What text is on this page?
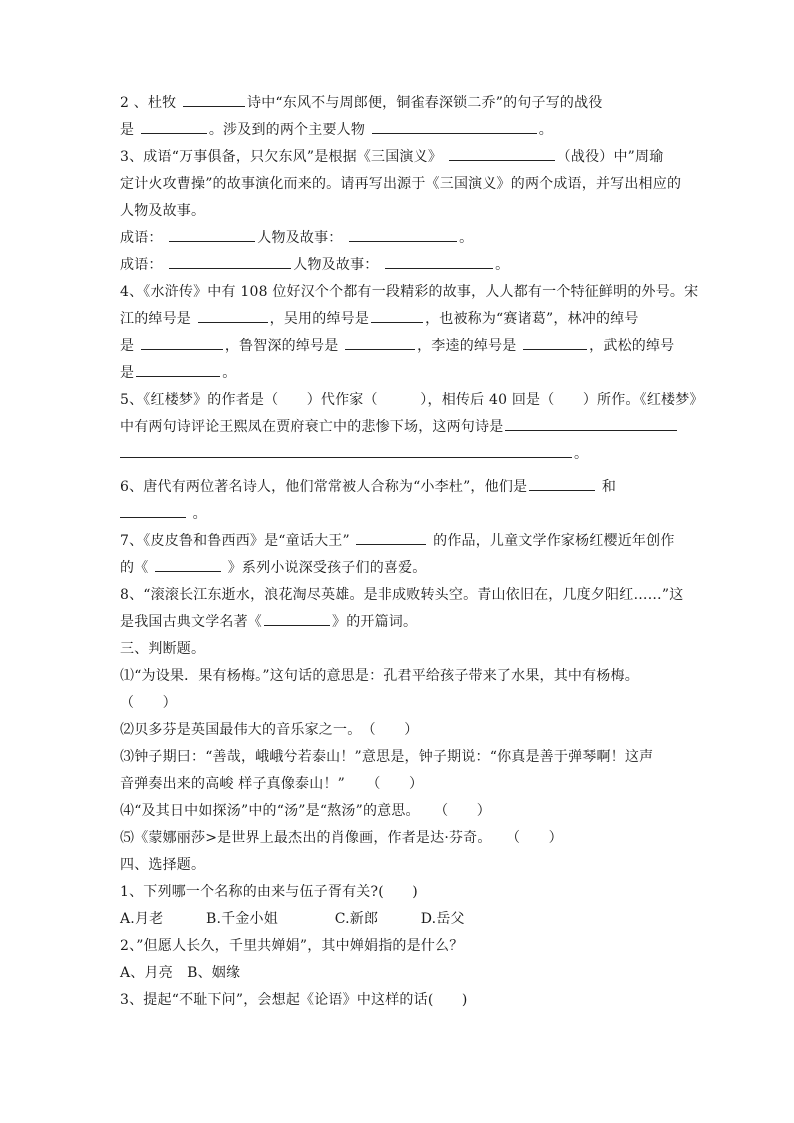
2 、杜牧	诗中“东风不与周郎便，铜雀春深锁二乔”的句子写的战役
是	。涉及到的两个主要人物	。
3、成语“万事俱备，只欠东风”是根据《三国演义》	（战役）中”周瑜
定计火攻曹操”的故事演化而来的。请再写出源于《三国演义》的两个成语，并写出相应的
人物及故事。
成语：	人物及故事：	。
成语：	人物及故事：	。
4、《水浒传》中有 108 位好汉个个都有一段精彩的故事，人人都有一个特征鲜明的外号。宋
江的绰号是	，吴用的绰号是	，也被称为“赛诸葛”，林冲的绰号
是	，鲁智深的绰号是	，李逵的绰号是	，武松的绰号
是	。
5、《红楼梦》的作者是（　　）代作家（　　　），相传后 40 回是（　　）所作。《红楼梦》
中有两句诗评论王熙凤在贾府衰亡中的悲惨下场，这两句诗是
。
6、唐代有两位著名诗人，他们常常被人合称为“小李杜”，他们是	和
。
7、《皮皮鲁和鲁西西》是“童话大王”	的作品，儿童文学作家杨红樱近年创作
的《	》系列小说深受孩子们的喜爱。
8、“滚滚长江东逝水，浪花淘尽英雄。是非成败转头空。青山依旧在，几度夕阳红……”这
是我国古典文学名著《	》的开篇词。
三、判断题。
⑴“为设果．果有杨梅。”这句话的意思是：孔君平给孩子带来了水果，其中有杨梅。
（　　）
⑵贝多芬是英国最伟大的音乐家之一。　（　　）
⑶钟子期曰：“善哉，峨峨兮若泰山！”意思是，钟子期说：“你真是善于弹琴啊！这声
音弹奏出来的高峻 样子真像泰山！”　　（　　）
⑷“及其日中如探汤”中的“汤”是“熬汤”的意思。　　（　　）
⑸《蒙娜丽莎>是世界上最杰出的肖像画，作者是达·芬奇。　　（　　）
四、选择题。
1、下列哪一个名称的由来与伍子胥有关?(　　)
A.月老　　　B.千金小姐　　　　C.新郎　　　D.岳父
2、”但愿人长久，千里共婵娟”，其中婵娟指的是什么？
A、月亮　B、姻缘
3、提起“不耻下问”，会想起《论语》中这样的话(　　)
